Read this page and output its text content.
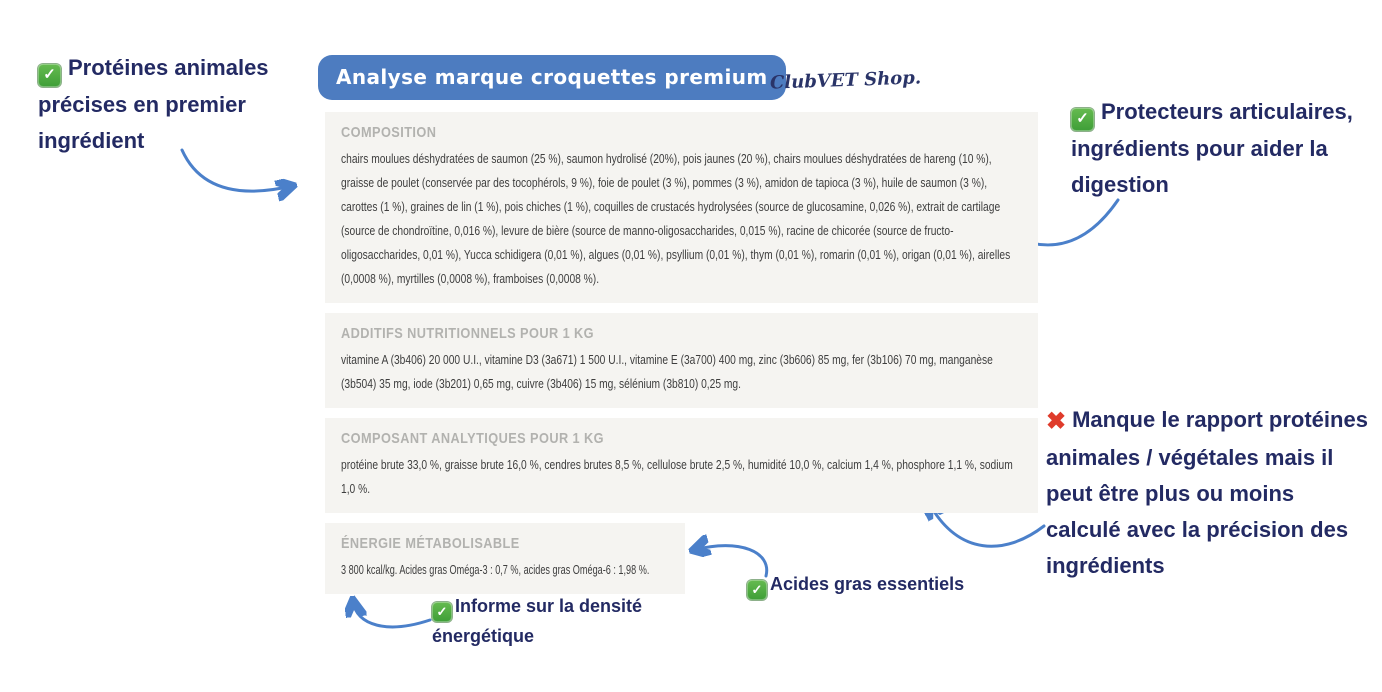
✓ Protéines animales précises en premier ingrédient
Analyse marque croquettes premium ClubVET Shop.
COMPOSITION

chairs moulues déshydratées de saumon (25 %), saumon hydrolisé (20%), pois jaunes (20 %), chairs moulues déshydratées de hareng (10 %), graisse de poulet (conservée par des tocophérols, 9 %), foie de poulet (3 %), pommes (3 %), amidon de tapioca (3 %), huile de saumon (3 %), carottes (1 %), graines de lin (1 %), pois chiches (1 %), coquilles de crustacés hydrolysées (source de glucosamine, 0,026 %), extrait de cartilage (source de chondroïtine, 0,016 %), levure de bière (source de manno-oligosaccharides, 0,015 %), racine de chicorée (source de fructo-oligosaccharides, 0,01 %), Yucca schidigera (0,01 %), algues (0,01 %), psyllium (0,01 %), thym (0,01 %), romarin (0,01 %), origan (0,01 %), airelles (0,0008 %), myrtilles (0,0008 %), framboises (0,0008 %).

ADDITIFS NUTRITIONNELS POUR 1 KG

vitamine A (3b406) 20 000 U.I., vitamine D3 (3a671) 1 500 U.I., vitamine E (3a700) 400 mg, zinc (3b606) 85 mg, fer (3b106) 70 mg, manganèse (3b504) 35 mg, iode (3b201) 0,65 mg, cuivre (3b406) 15 mg, sélénium (3b810) 0,25 mg.

COMPOSANT ANALYTIQUES POUR 1 KG

protéine brute 33,0 %, graisse brute 16,0 %, cendres brutes 8,5 %, cellulose brute 2,5 %, humidité 10,0 %, calcium 1,4 %, phosphore 1,1 %, sodium 1,0 %.

ÉNERGIE MÉTABOLISABLE

3 800 kcal/kg. Acides gras Oméga-3 : 0,7 %, acides gras Oméga-6 : 1,98 %.

✓ Protecteurs articulaires, ingrédients pour aider la digestion
✖ Manque le rapport protéines animales / végétales mais il peut être plus ou moins calculé avec la précision des ingrédients
✓ Acides gras essentiels
✓ Informe sur la densité énergétique
